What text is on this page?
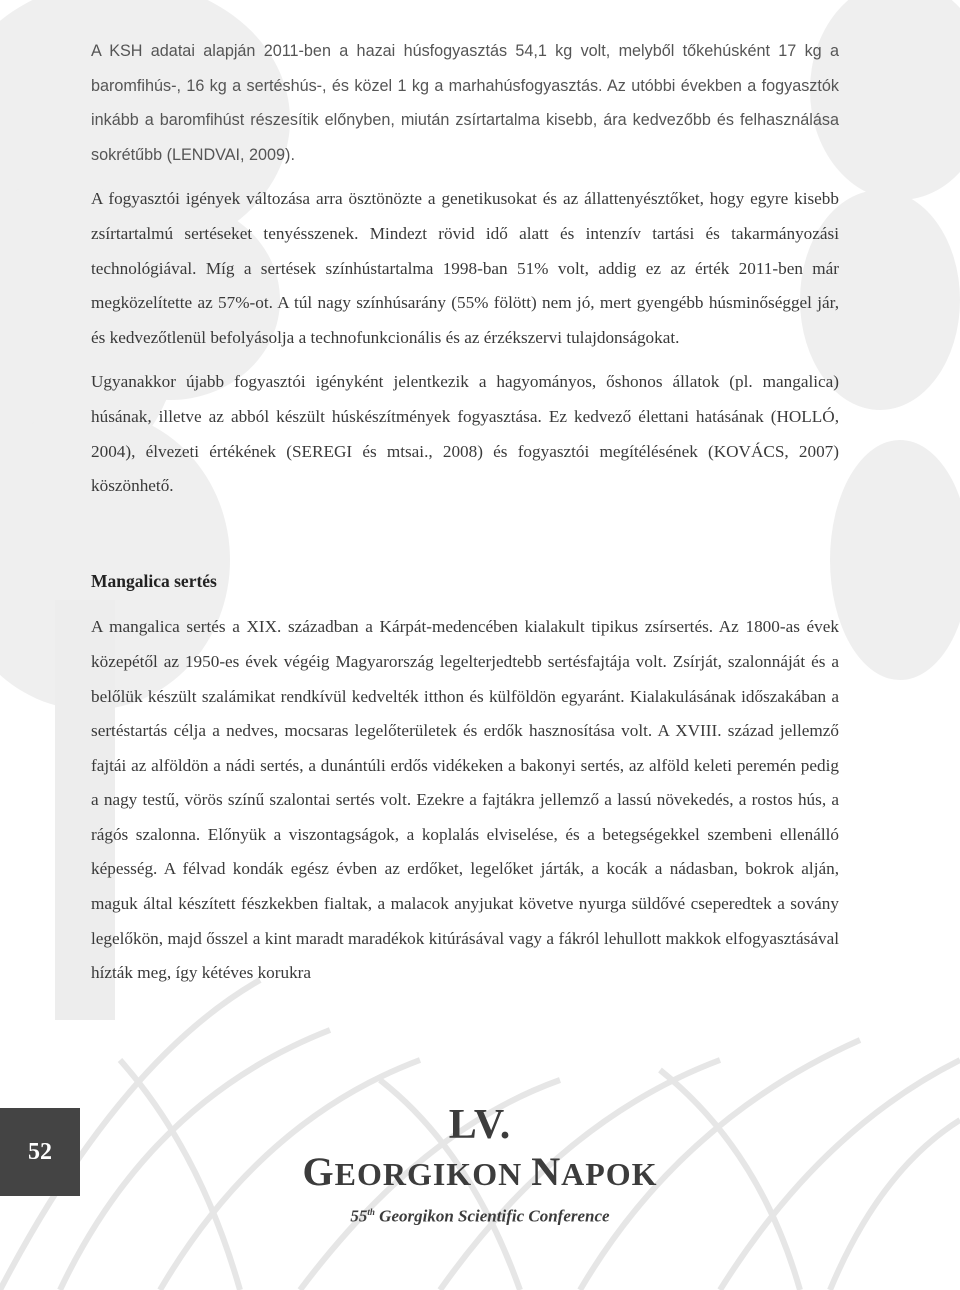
A KSH adatai alapján 2011-ben a hazai húsfogyasztás 54,1 kg volt, melyből tőkehúsként 17 kg a baromfihús-, 16 kg a sertéshús-, és közel 1 kg a marhahúsfogyasztás. Az utóbbi években a fogyasztók inkább a baromfihúst részesítik előnyben, miután zsírtartalma kisebb, ára kedvezőbb és felhasználása sokrétűbb (LENDVAI, 2009).

A fogyasztói igények változása arra ösztönözte a genetikusokat és az állattenyésztőket, hogy egyre kisebb zsírtartalmú sertéseket tenyésszenek. Mindezt rövid idő alatt és intenzív tartási és takarmányozási technológiával. Míg a sertések színhústartalma 1998-ban 51% volt, addig ez az érték 2011-ben már megközelítette az 57%-ot. A túl nagy színhúsarány (55% fölött) nem jó, mert gyengébb húsminőséggel jár, és kedvezőtlenül befolyásolja a technofunkcionális és az érzékszervi tulajdonságokat.

Ugyanakkor újabb fogyasztói igényként jelentkezik a hagyományos, őshonos állatok (pl. mangalica) húsának, illetve az abból készült húskészítmények fogyasztása. Ez kedvező élettani hatásának (HOLLÓ, 2004), élvezeti értékének (SEREGI és mtsai., 2008) és fogyasztói megítélésének (KOVÁCS, 2007) köszönhető.

Mangalica sertés

A mangalica sertés a XIX. században a Kárpát-medencében kialakult tipikus zsírsertés. Az 1800-as évek közepétől az 1950-es évek végéig Magyarország legelterjedtebb sertésfajtája volt. Zsírját, szalonnáját és a belőlük készült szalámikat rendkívül kedvelték itthon és külföldön egyaránt. Kialakulásának időszakában a sertéstartás célja a nedves, mocsaras legelőterületek és erdők hasznosítása volt. A XVIII. század jellemző fajtái az alföldön a nádi sertés, a dunántúli erdős vidékeken a bakonyi sertés, az alföld keleti peremén pedig a nagy testű, vörös színű szalontai sertés volt. Ezekre a fajtákra jellemző a lassú növekedés, a rostos hús, a rágós szalonna. Előnyük a viszontagságok, a koplalás elviselése, és a betegségekkel szembeni ellenálló képesség. A félvad kondák egész évben az erdőket, legelőket járták, a kocák a nádasban, bokrok alján, maguk által készített fészkekben fialtak, a malacok anyjukat követve nyurga süldővé cseperedtek a sovány legelőkön, majd ősszel a kint maradt maradékok kitúrásával vagy a fákról lehullott makkok elfogyasztásával hízták meg, így kétéves korukra

52
LV.
GEORGIKON NAPOK
55th Georgikon Scientific Conference
